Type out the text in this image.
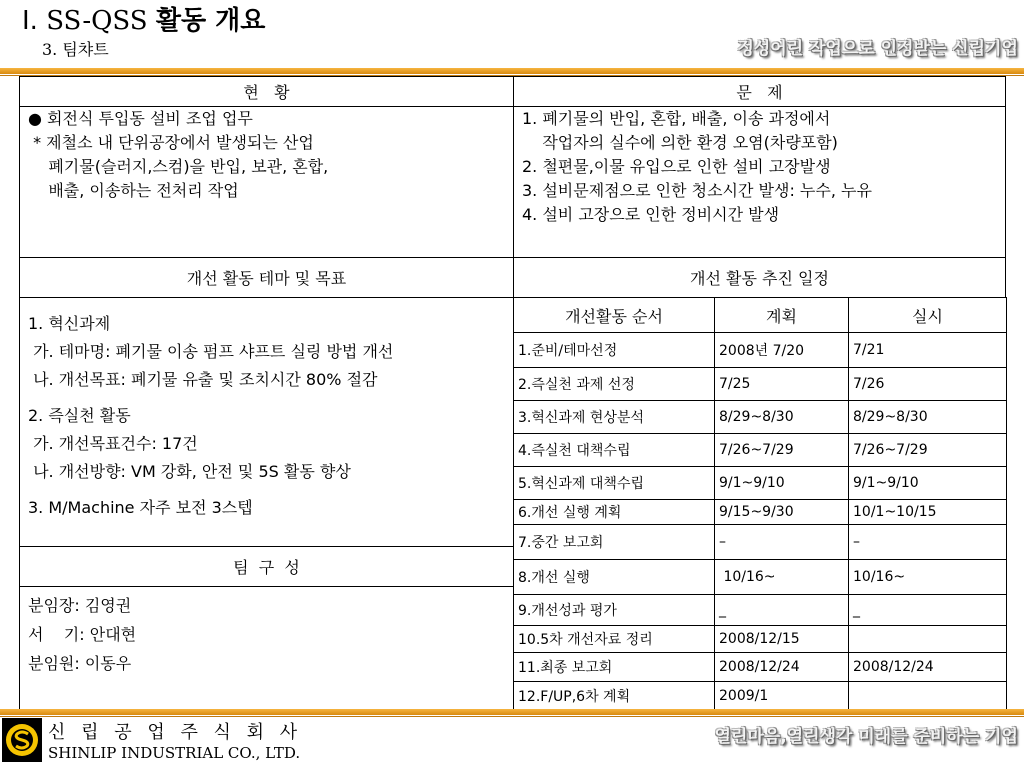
Ⅰ. SS-QSS 활동 개요
3. 팀챠트	정성어린 작업으로 인정받는 신립기업
현   황
● 회전식 투입동 설비 조업 업무
* 제철소 내 단위공장에서 발생되는 산업
폐기물(슬러지,스컴)을 반입, 보관, 혼합,
배출, 이송하는 전처리 작업
문   제
1. 폐기물의 반입, 혼합, 배출, 이송 과정에서
작업자의 실수에 의한 환경 오염(차량포함)
2. 철편물,이물 유입으로 인한 설비 고장발생
3. 설비문제점으로 인한 청소시간 발생: 누수, 누유
4. 설비 고장으로 인한 정비시간 발생
개선 활동 테마 및 목표	개선 활동 추진 일정
1. 혁신과제
가. 테마명: 폐기물 이송 펌프 샤프트 실링 방법 개선
나. 개선목표: 폐기물 유출 및 조치시간 80% 절감
2. 즉실천 활동
가. 개선목표건수: 17건
나. 개선방향: VM 강화, 안전 및 5S 활동 향상
3. M/Machine 자주 보전 3스텝
팀  구  성
분임장: 김영권
서    기: 안대현
분임원: 이동우
개선활동 순서	계획	실시
1.준비/테마선정	2008년 7/20	7/21
2.즉실천 과제 선정	7/25	7/26
3.혁신과제 현상분석	8/29~8/30	8/29~8/30
4.즉실천 대책수립	7/26~7/29	7/26~7/29
5.혁신과제 대책수립	9/1~9/10	9/1~9/10
6.개선 실행 계획	9/15~9/30	10/1~10/15
7.중간 보고회	–	–
8.개선 실행	10/16~	10/16~
9.개선성과 평가	_	_
10.5차 개선자료 정리	2008/12/15	
11.최종 보고회	2008/12/24	2008/12/24
12.F/UP,6차 계획	2009/1	
신 립 공 업 주 식 회 사
SHINLIP INDUSTRIAL CO., LTD.
열린마음,열린생각 미래를 준비하는 기업
